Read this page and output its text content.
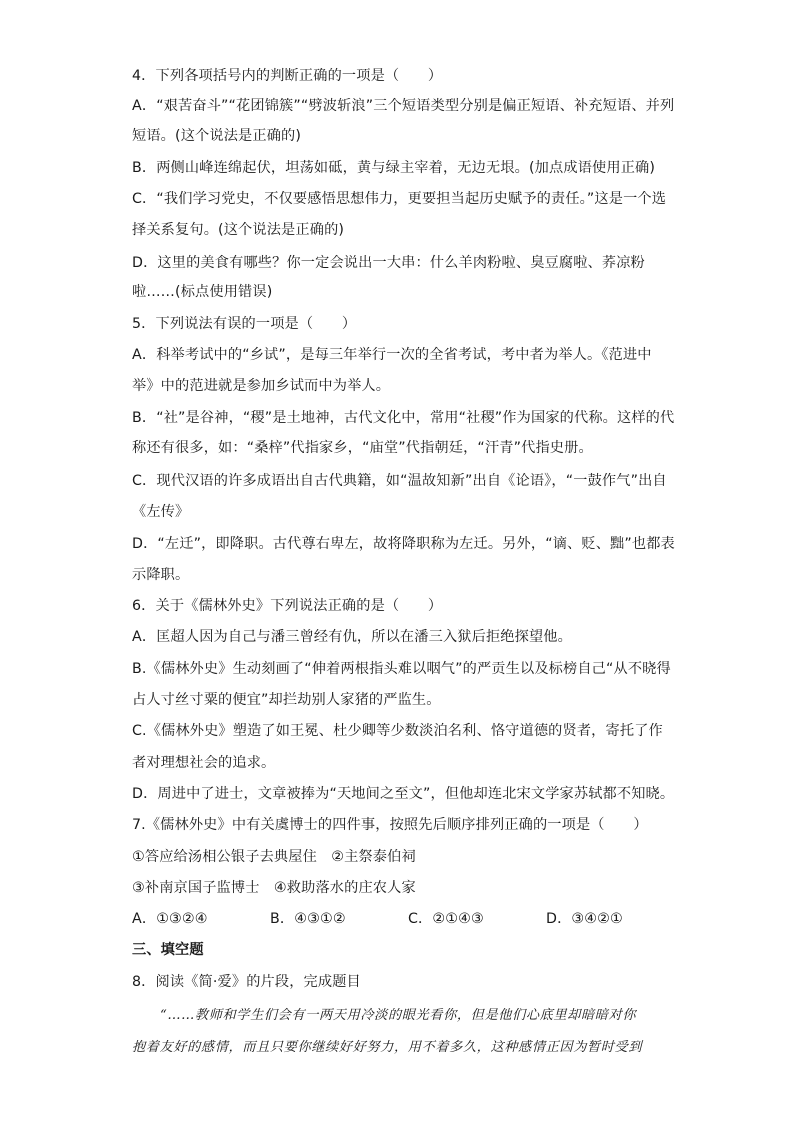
4．下列各项括号内的判断正确的一项是（　　）
A．“艰苦奋斗”“花团锦簇”“劈波斩浪”三个短语类型分别是偏正短语、补充短语、并列
短语。(这个说法是正确的)
B．两侧山峰连绵起伏，坦荡如砥，黄与绿主宰着，无边无垠。(加点成语使用正确)
C．“我们学习党史，不仅要感悟思想伟力，更要担当起历史赋予的责任。”这是一个选
择关系复句。(这个说法是正确的)
D．这里的美食有哪些？你一定会说出一大串：什么羊肉粉啦、臭豆腐啦、荞凉粉
啦……(标点使用错误)
5．下列说法有误的一项是（　　）
A．科举考试中的“乡试”，是每三年举行一次的全省考试，考中者为举人。《范进中
举》中的范进就是参加乡试而中为举人。
B．“社”是谷神，“稷”是土地神，古代文化中，常用“社稷”作为国家的代称。这样的代
称还有很多，如：“桑梓”代指家乡，“庙堂”代指朝廷，“汗青”代指史册。
C．现代汉语的许多成语出自古代典籍，如“温故知新”出自《论语》，“一鼓作气”出自
《左传》
D．“左迁”，即降职。古代尊右卑左，故将降职称为左迁。另外，“谪、贬、黜”也都表
示降职。
6．关于《儒林外史》下列说法正确的是（　　）
A．匡超人因为自己与潘三曾经有仇，所以在潘三入狱后拒绝探望他。
B.《儒林外史》生动刻画了“伸着两根指头难以咽气”的严贡生以及标榜自己“从不晓得
占人寸丝寸粟的便宜”却拦劫别人家猪的严监生。
C.《儒林外史》塑造了如王冕、杜少卿等少数淡泊名利、恪守道德的贤者，寄托了作
者对理想社会的追求。
D．周进中了进士，文章被捧为“天地间之至文”，但他却连北宋文学家苏轼都不知晓。
7.《儒林外史》中有关虞博士的四件事，按照先后顺序排列正确的一项是（　　）
①答应给汤相公银子去典屋住　②主祭泰伯祠
③补南京国子监博士　④救助落水的庄农人家
A．①③②④	B．④③①②	C．②①④③	D．③④②①
三、填空题
8．阅读《简·爱》的片段，完成题目
“……教师和学生们会有一两天用冷淡的眼光看你，但是他们心底里却暗暗对你
抱着友好的感情，而且只要你继续好好努力，用不着多久，这种感情正因为暂时受到
